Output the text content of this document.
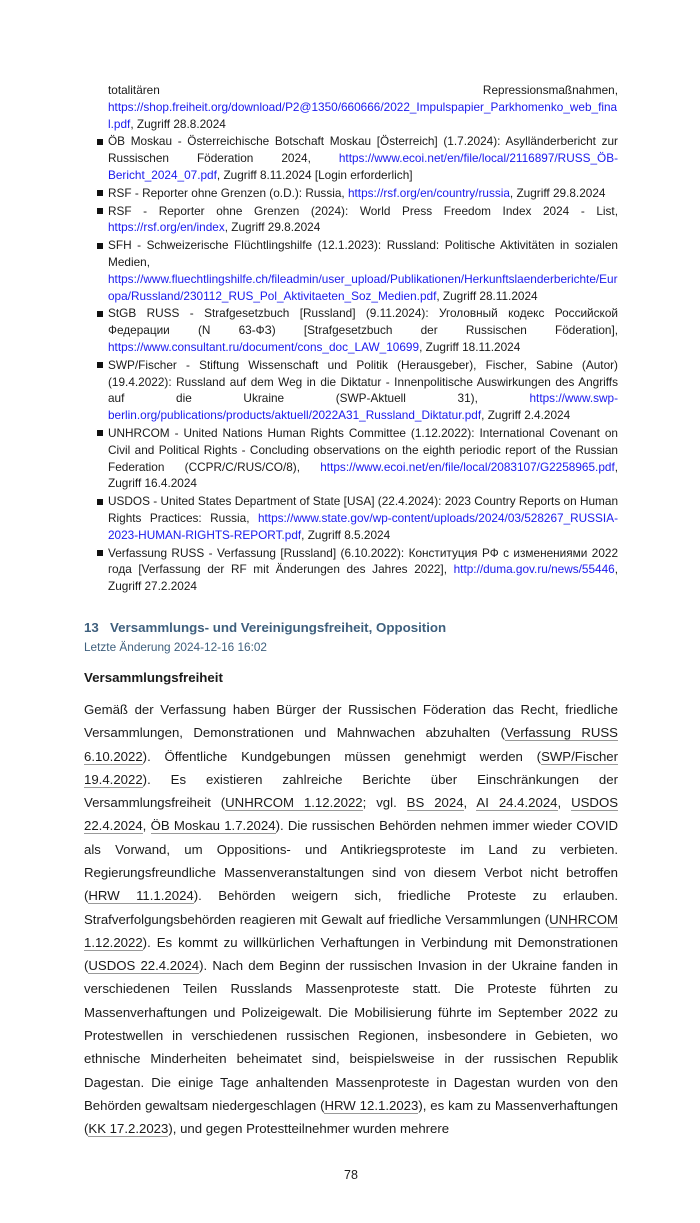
totalitären Repressionsmaßnahmen, https://shop.freiheit.org/download/P2@1350/660666/2022_Impulspapier_Parkhomenko_web_final.pdf, Zugriff 28.8.2024
ÖB Moskau - Österreichische Botschaft Moskau [Österreich] (1.7.2024): Asylländerbericht zur Russischen Föderation 2024, https://www.ecoi.net/en/file/local/2116897/RUSS_ÖB-Bericht_2024_07.pdf, Zugriff 8.11.2024 [Login erforderlich]
RSF - Reporter ohne Grenzen (o.D.): Russia, https://rsf.org/en/country/russia, Zugriff 29.8.2024
RSF - Reporter ohne Grenzen (2024): World Press Freedom Index 2024 - List, https://rsf.org/en/index, Zugriff 29.8.2024
SFH - Schweizerische Flüchtlingshilfe (12.1.2023): Russland: Politische Aktivitäten in sozialen Medien, https://www.fluechtlingshilfe.ch/fileadmin/user_upload/Publikationen/Herkunftslaenderberichte/Europa/Russland/230112_RUS_Pol_Aktivitaeten_Soz_Medien.pdf, Zugriff 28.11.2024
StGB RUSS - Strafgesetzbuch [Russland] (9.11.2024): Уголовный кодекс Российской Федерации (N 63-ФЗ) [Strafgesetzbuch der Russischen Föderation], https://www.consultant.ru/document/cons_doc_LAW_10699, Zugriff 18.11.2024
SWP/Fischer - Stiftung Wissenschaft und Politik (Herausgeber), Fischer, Sabine (Autor) (19.4.2022): Russland auf dem Weg in die Diktatur - Innenpolitische Auswirkungen des Angriffs auf die Ukraine (SWP-Aktuell 31), https://www.swp-berlin.org/publications/products/aktuell/2022A31_Russland_Diktatur.pdf, Zugriff 2.4.2024
UNHRCOM - United Nations Human Rights Committee (1.12.2022): International Covenant on Civil and Political Rights - Concluding observations on the eighth periodic report of the Russian Federation (CCPR/C/RUS/CO/8), https://www.ecoi.net/en/file/local/2083107/G2258965.pdf, Zugriff 16.4.2024
USDOS - United States Department of State [USA] (22.4.2024): 2023 Country Reports on Human Rights Practices: Russia, https://www.state.gov/wp-content/uploads/2024/03/528267_RUSSIA-2023-HUMAN-RIGHTS-REPORT.pdf, Zugriff 8.5.2024
Verfassung RUSS - Verfassung [Russland] (6.10.2022): Конституция РФ с изменениями 2022 года [Verfassung der RF mit Änderungen des Jahres 2022], http://duma.gov.ru/news/55446, Zugriff 27.2.2024
13 Versammlungs- und Vereinigungsfreiheit, Opposition
Letzte Änderung 2024-12-16 16:02
Versammlungsfreiheit
Gemäß der Verfassung haben Bürger der Russischen Föderation das Recht, friedliche Versammlungen, Demonstrationen und Mahnwachen abzuhalten (Verfassung RUSS 6.10.2022). Öffentliche Kundgebungen müssen genehmigt werden (SWP/Fischer 19.4.2022). Es existieren zahlreiche Berichte über Einschränkungen der Versammlungsfreiheit (UNHRCOM 1.12.2022; vgl. BS 2024, AI 24.4.2024, USDOS 22.4.2024, ÖB Moskau 1.7.2024). Die russischen Behörden nehmen immer wieder COVID als Vorwand, um Oppositions- und Antikriegsproteste im Land zu verbieten. Regierungsfreundliche Massenveranstaltungen sind von diesem Verbot nicht betroffen (HRW 11.1.2024). Behörden weigern sich, friedliche Proteste zu erlauben. Strafverfolgungsbehörden reagieren mit Gewalt auf friedliche Versammlungen (UNHRCOM 1.12.2022). Es kommt zu willkürlichen Verhaftungen in Verbindung mit Demonstrationen (USDOS 22.4.2024). Nach dem Beginn der russischen Invasion in der Ukraine fanden in verschiedenen Teilen Russlands Massenproteste statt. Die Proteste führten zu Massenverhaftungen und Polizeigewalt. Die Mobilisierung führte im September 2022 zu Protestwellen in verschiedenen russischen Regionen, insbesondere in Gebieten, wo ethnische Minderheiten beheimatet sind, beispielsweise in der russischen Republik Dagestan. Die einige Tage anhaltenden Massenproteste in Dagestan wurden von den Behörden gewaltsam niedergeschlagen (HRW 12.1.2023), es kam zu Massenverhaftungen (KK 17.2.2023), und gegen Protestteilnehmer wurden mehrere
78
